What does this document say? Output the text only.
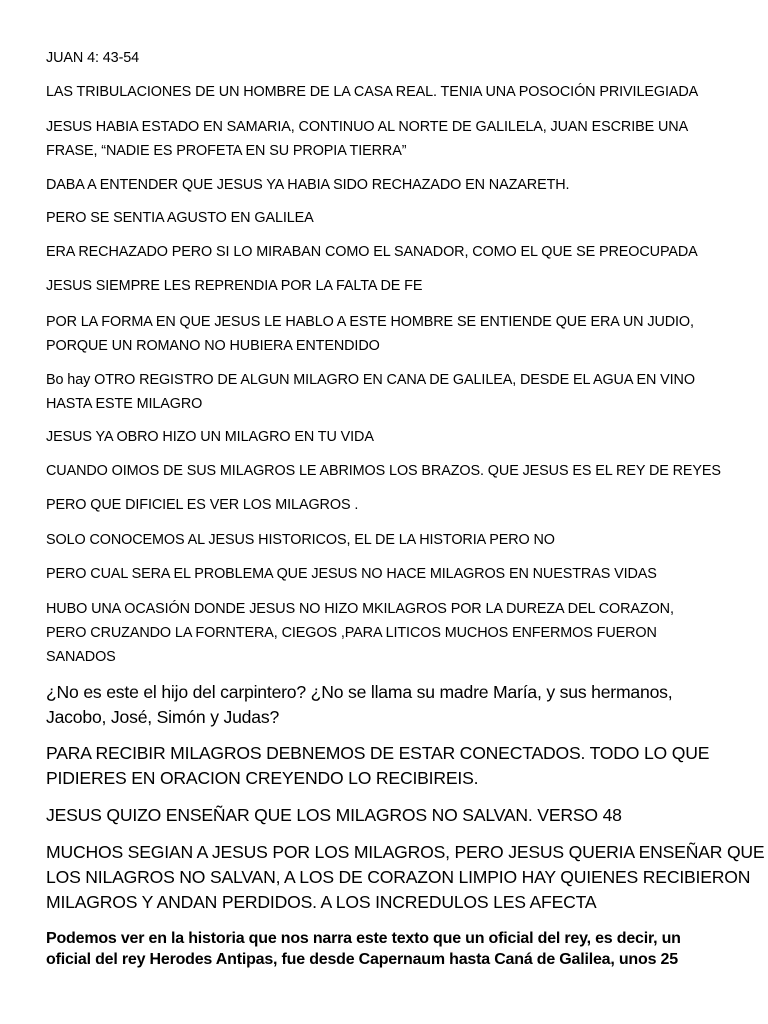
JUAN 4: 43-54
LAS TRIBULACIONES DE UN HOMBRE DE LA CASA REAL. TENIA UNA POSOCIÓN PRIVILEGIADA
JESUS HABIA ESTADO EN SAMARIA, CONTINUO AL NORTE DE GALILELA, JUAN ESCRIBE UNA
FRASE, “NADIE ES PROFETA EN SU PROPIA TIERRA”
DABA A ENTENDER QUE JESUS YA HABIA SIDO RECHAZADO EN NAZARETH.
PERO SE SENTIA AGUSTO EN GALILEA
ERA RECHAZADO PERO SI LO MIRABAN COMO EL SANADOR, COMO EL QUE SE PREOCUPADA
JESUS SIEMPRE LES REPRENDIA POR LA FALTA DE FE
POR LA FORMA EN QUE JESUS LE HABLO A ESTE HOMBRE SE ENTIENDE QUE ERA UN JUDIO,
PORQUE UN ROMANO NO HUBIERA ENTENDIDO
Bo hay OTRO REGISTRO DE ALGUN MILAGRO EN CANA DE GALILEA, DESDE EL AGUA EN VINO
HASTA ESTE MILAGRO
JESUS YA OBRO HIZO UN MILAGRO EN TU VIDA
CUANDO OIMOS DE SUS MILAGROS LE ABRIMOS LOS BRAZOS. QUE JESUS ES EL REY DE REYES
PERO QUE DIFICIEL ES VER LOS MILAGROS .
SOLO CONOCEMOS AL JESUS HISTORICOS, EL DE LA HISTORIA PERO NO
PERO CUAL SERA EL PROBLEMA QUE JESUS NO HACE MILAGROS EN NUESTRAS VIDAS
HUBO UNA OCASIÓN DONDE JESUS NO HIZO MKILAGROS POR LA DUREZA DEL CORAZON,
PERO CRUZANDO LA FORNTERA, CIEGOS ,PARA LITICOS MUCHOS ENFERMOS FUERON
SANADOS
¿No es este el hijo del carpintero? ¿No se llama su madre María, y sus hermanos,
Jacobo, José, Simón y Judas?
PARA RECIBIR MILAGROS DEBNEMOS DE ESTAR CONECTADOS. TODO LO QUE
PIDIERES EN ORACION CREYENDO LO RECIBIREIS.
JESUS QUIZO ENSEÑAR QUE LOS MILAGROS NO SALVAN. VERSO 48
MUCHOS SEGIAN A JESUS POR LOS MILAGROS, PERO JESUS QUERIA ENSEÑAR QUE
LOS NILAGROS NO SALVAN, A LOS DE CORAZON LIMPIO HAY QUIENES RECIBIERON
MILAGROS Y ANDAN PERDIDOS. A LOS INCREDULOS LES AFECTA
Podemos ver en la historia que nos narra este texto que un oficial del rey, es decir, un
oficial del rey Herodes Antipas, fue desde Capernaum hasta Caná de Galilea, unos 25
